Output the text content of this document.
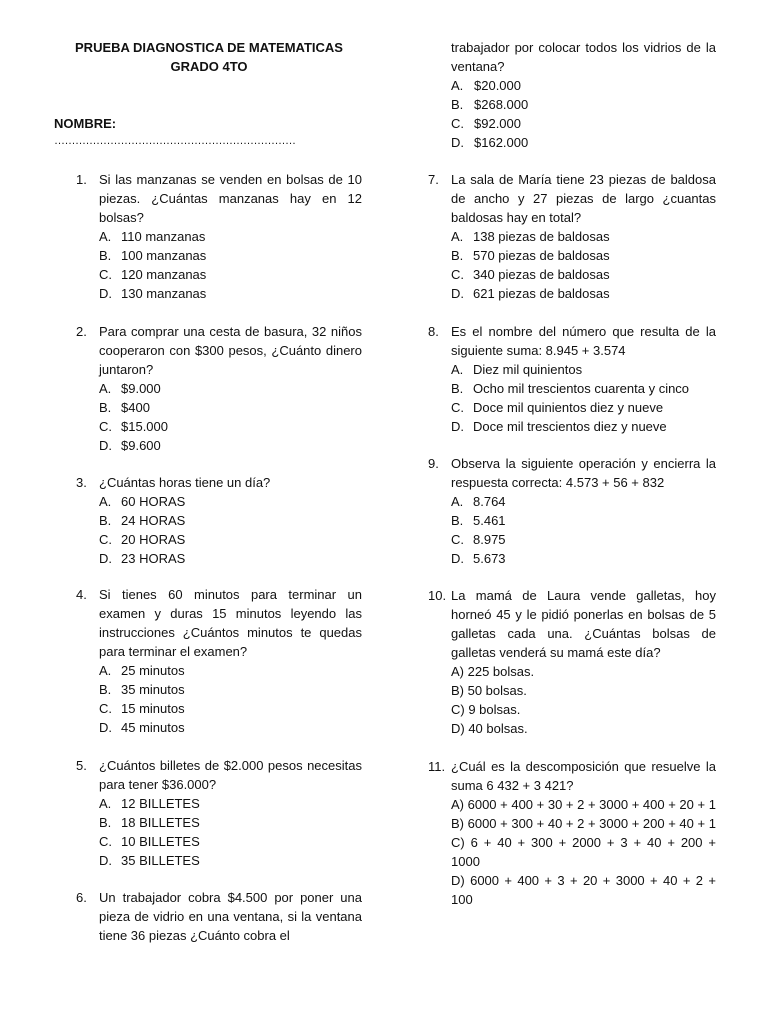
PRUEBA DIAGNOSTICA DE MATEMATICAS
GRADO 4TO
NOMBRE:
……………………………………………………………
1. Si las manzanas se venden en bolsas de 10 piezas. ¿Cuántas manzanas hay en 12 bolsas?
A. 110 manzanas
B. 100 manzanas
C. 120 manzanas
D. 130 manzanas
2. Para comprar una cesta de basura, 32 niños cooperaron con $300 pesos, ¿Cuánto dinero juntaron?
A. $9.000
B. $400
C. $15.000
D. $9.600
3. ¿Cuántas horas tiene un día?
A. 60 HORAS
B. 24 HORAS
C. 20 HORAS
D. 23 HORAS
4. Si tienes 60 minutos para terminar un examen y duras 15 minutos leyendo las instrucciones ¿Cuántos minutos te quedas para terminar el examen?
A. 25 minutos
B. 35 minutos
C. 15 minutos
D. 45 minutos
5. ¿Cuántos billetes de $2.000 pesos necesitas para tener $36.000?
A. 12 BILLETES
B. 18 BILLETES
C. 10 BILLETES
D. 35 BILLETES
6. Un trabajador cobra $4.500 por poner una pieza de vidrio en una ventana, si la ventana tiene 36 piezas ¿Cuánto cobra el
trabajador por colocar todos los vidrios de la ventana?
A. $20.000
B. $268.000
C. $92.000
D. $162.000
7. La sala de María tiene 23 piezas de baldosa de ancho y 27 piezas de largo ¿cuantas baldosas hay en total?
A. 138 piezas de baldosas
B. 570 piezas de baldosas
C. 340 piezas de baldosas
D. 621 piezas de baldosas
8. Es el nombre del número que resulta de la siguiente suma: 8.945 + 3.574
A. Diez mil quinientos
B. Ocho mil trescientos cuarenta y cinco
C. Doce mil quinientos diez y nueve
D. Doce mil trescientos diez y nueve
9. Observa la siguiente operación y encierra la respuesta correcta: 4.573 + 56 + 832
A. 8.764
B. 5.461
C. 8.975
D. 5.673
10. La mamá de Laura vende galletas, hoy horneó 45 y le pidió ponerlas en bolsas de 5 galletas cada una. ¿Cuántas bolsas de galletas venderá su mamá este día?
A) 225 bolsas.
B) 50 bolsas.
C) 9 bolsas.
D) 40 bolsas.
11. ¿Cuál es la descomposición que resuelve la suma 6 432 + 3 421?
A) 6000 + 400 + 30 + 2 + 3000 + 400 + 20 + 1
B) 6000 + 300 + 40 + 2 + 3000 + 200 + 40 + 1
C) 6 + 40 + 300 + 2000 + 3 + 40 + 200 + 1000
D) 6000 + 400 + 3 + 20 + 3000 + 40 + 2 + 100
